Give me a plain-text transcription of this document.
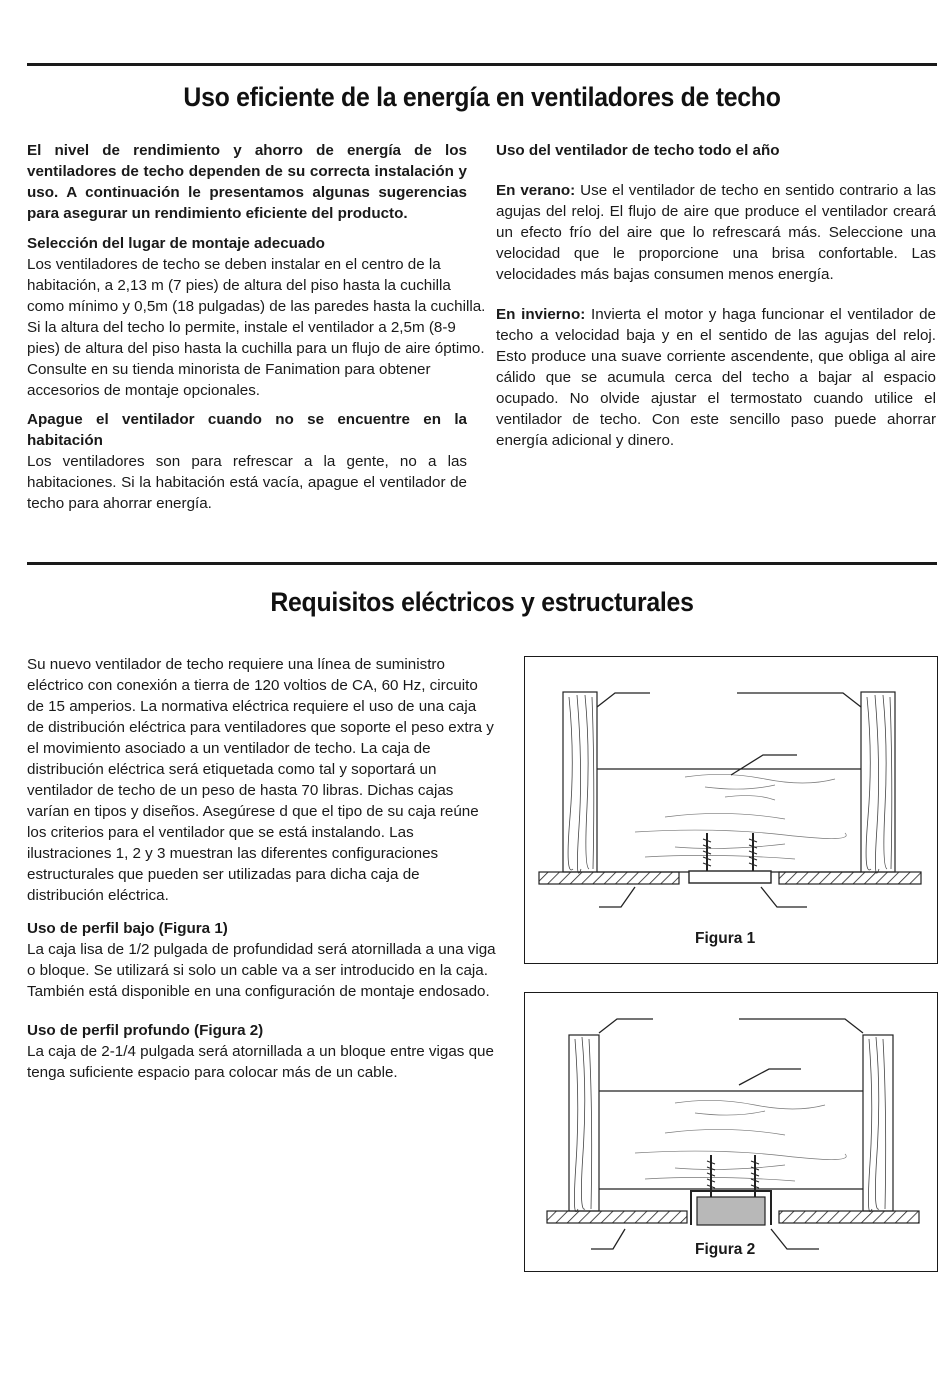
Uso eficiente de la energía en ventiladores de techo

El nivel de rendimiento y ahorro de energía de los ventiladores de techo dependen de su correcta instalación y uso. A continuación le presentamos algunas sugerencias para asegurar un rendimiento eficiente del producto.

Selección del lugar de montaje adecuado

Los ventiladores de techo se deben instalar en el centro de la habitación, a 2,13 m (7 pies) de altura del piso hasta la cuchilla como mínimo y 0,5m (18 pulgadas) de las paredes hasta la cuchilla. Si la altura del techo lo permite, instale el ventilador a 2,5m (8-9 pies) de altura del piso hasta la cuchilla para un flujo de aire óptimo. Consulte en su tienda minorista de Fanimation para obtener accesorios de montaje opcionales.

Apague el ventilador cuando no se encuentre en la habitación

Los ventiladores son para refrescar a la gente, no a las habitaciones. Si la habitación está vacía, apague el ventilador de techo para ahorrar energía.

Uso del ventilador de techo todo el año

En verano: Use el ventilador de techo en sentido contrario a las agujas del reloj. El flujo de aire que produce el ventilador creará un efecto frío del aire que lo refrescará más. Seleccione una velocidad que le proporcione una brisa confortable. Las velocidades más bajas consumen menos energía.

En invierno: Invierta el motor y haga funcionar el ventilador de techo a velocidad baja y en el sentido de las agujas del reloj. Esto produce una suave corriente ascendente, que obliga al aire cálido que se acumula cerca del techo a bajar al espacio ocupado. No olvide ajustar el termostato cuando utilice el ventilador de techo. Con este sencillo paso puede ahorrar energía adicional y dinero.

Requisitos eléctricos y estructurales

Su nuevo ventilador de techo requiere una línea de suministro eléctrico con conexión a tierra de 120 voltios de CA, 60 Hz, circuito de 15 amperios. La normativa eléctrica requiere el uso de una caja de distribución eléctrica para ventiladores que soporte el peso extra y el movimiento asociado a un ventilador de techo. La caja de distribución eléctrica será etiquetada como tal y soportará un ventilador de techo de un peso de hasta 70 libras. Dichas cajas varían en tipos y diseños. Asegúrese d que el tipo de su caja reúne los criterios para el ventilador que se está instalando. Las ilustraciones 1, 2 y 3 muestran las diferentes configuraciones estructurales que pueden ser utilizadas para dicha caja de distribución eléctrica.

Uso de perfil bajo (Figura 1)

La caja lisa de 1/2 pulgada de profundidad será atornillada a una viga o bloque. Se utilizará si solo un cable va a ser introducido en la caja. También está disponible en una configuración de montaje endosado.

Uso de perfil profundo (Figura 2)

La caja de 2-1/4 pulgada será atornillada a un bloque entre vigas que tenga suficiente espacio para colocar más de un cable.

Figura 1
Figura 2
